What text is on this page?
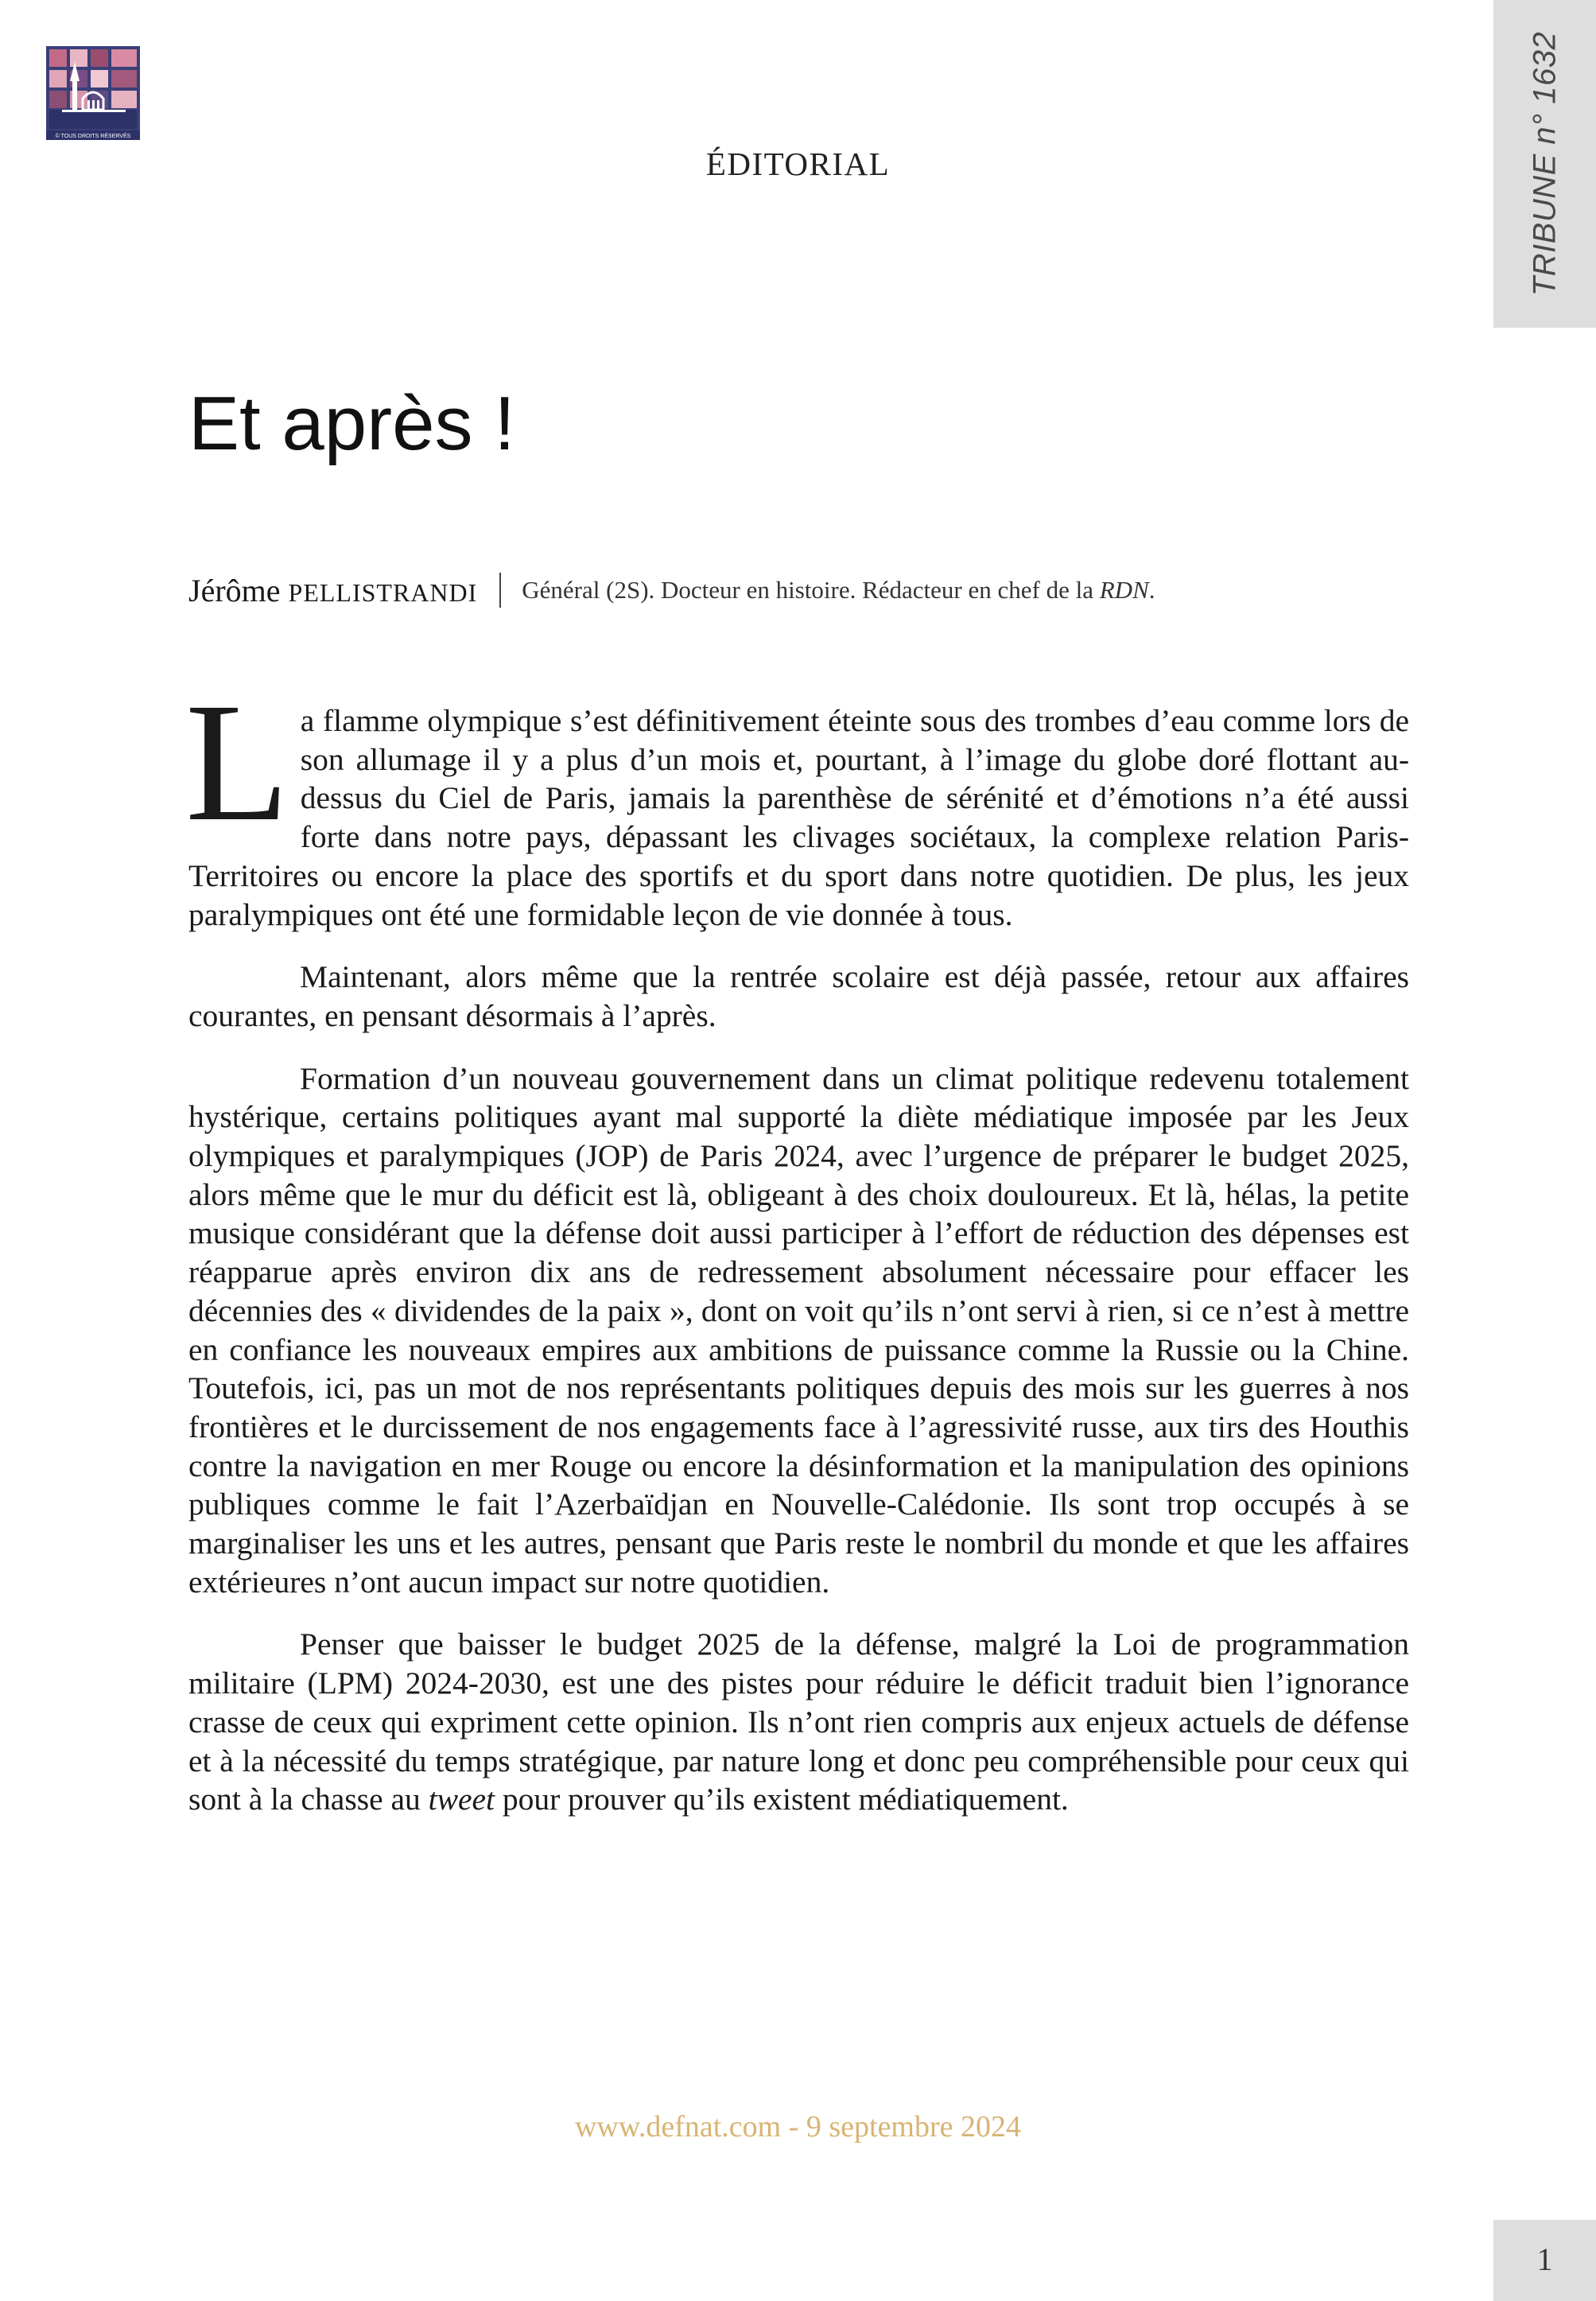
© TOUS DROITS RÉSERVÉS	TRIBUNE n° 1632
ÉDITORIAL
Et après !
Jérôme PELLISTRANDI Général (2S). Docteur en histoire. Rédacteur en chef de la RDN.

La flamme olympique s’est définitivement éteinte sous des trombes d’eau comme lors de son allumage il y a plus d’un mois et, pourtant, à l’image du globe doré flottant au-dessus du Ciel de Paris, jamais la parenthèse de sérénité et d’émotions n’a été aussi forte dans notre pays, dépassant les clivages sociétaux, la complexe relation Paris-Territoires ou encore la place des sportifs et du sport dans notre quotidien. De plus, les jeux paralympiques ont été une formidable leçon de vie donnée à tous.

Maintenant, alors même que la rentrée scolaire est déjà passée, retour aux affaires courantes, en pensant désormais à l’après.

Formation d’un nouveau gouvernement dans un climat politique redevenu totalement hystérique, certains politiques ayant mal supporté la diète médiatique imposée par les Jeux olympiques et paralympiques (JOP) de Paris 2024, avec l’urgence de préparer le budget 2025, alors même que le mur du déficit est là, obligeant à des choix douloureux. Et là, hélas, la petite musique considérant que la défense doit aussi participer à l’effort de réduction des dépenses est réapparue après environ dix ans de redressement absolument nécessaire pour effacer les décennies des « dividendes de la paix », dont on voit qu’ils n’ont servi à rien, si ce n’est à mettre en confiance les nouveaux empires aux ambitions de puissance comme la Russie ou la Chine. Toutefois, ici, pas un mot de nos représentants politiques depuis des mois sur les guerres à nos frontières et le durcissement de nos engagements face à l’agressivité russe, aux tirs des Houthis contre la navigation en mer Rouge ou encore la désinformation et la manipulation des opinions publiques comme le fait l’Azerbaïdjan en Nouvelle-Calédonie. Ils sont trop occupés à se marginaliser les uns et les autres, pensant que Paris reste le nombril du monde et que les affaires extérieures n’ont aucun impact sur notre quotidien.

Penser que baisser le budget 2025 de la défense, malgré la Loi de programmation militaire (LPM) 2024-2030, est une des pistes pour réduire le déficit traduit bien l’ignorance crasse de ceux qui expriment cette opinion. Ils n’ont rien compris aux enjeux actuels de défense et à la nécessité du temps stratégique, par nature long et donc peu compréhensible pour ceux qui sont à la chasse au tweet pour prouver qu’ils existent médiatiquement.

www.defnat.com - 9 septembre 2024
1
